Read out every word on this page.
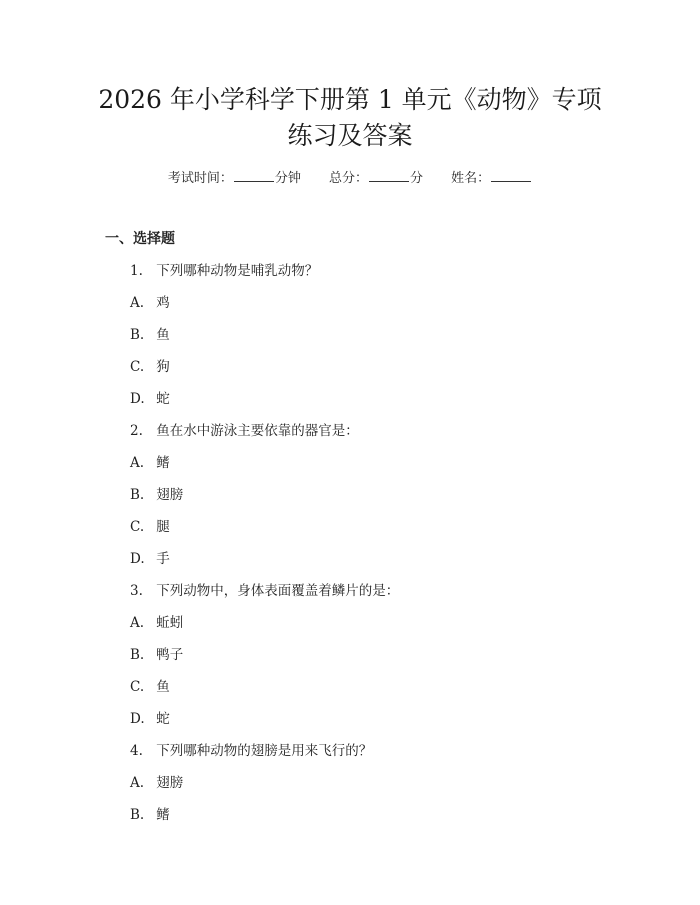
2026 年小学科学下册第 1 单元《动物》专项
练习及答案
考试时间：	分钟 总分：	分 姓名：
一、选择题
1. 下列哪种动物是哺乳动物？
A. 鸡
B. 鱼
C. 狗
D. 蛇
2. 鱼在水中游泳主要依靠的器官是：
A. 鳍
B. 翅膀
C. 腿
D. 手
3. 下列动物中，身体表面覆盖着鳞片的是：
A. 蚯蚓
B. 鸭子
C. 鱼
D. 蛇
4. 下列哪种动物的翅膀是用来飞行的？
A. 翅膀
B. 鳍
